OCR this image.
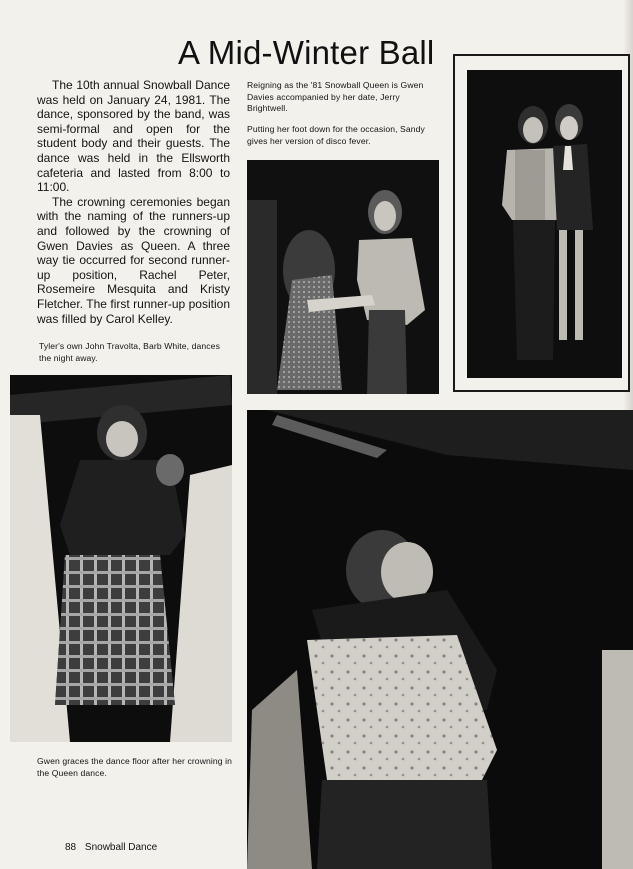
A Mid-Winter Ball

The 10th annual Snowball Dance was held on January 24, 1981. The dance, sponsored by the band, was semi-formal and open for the student body and their guests. The dance was held in the Ellsworth cafeteria and lasted from 8:00 to 11:00.

The crowning ceremonies began with the naming of the runners-up and followed by the crowning of Gwen Davies as Queen. A three way tie occurred for second runner-up position, Rachel Peter, Rosemeire Mesquita and Kristy Fletcher. The first runner-up position was filled by Carol Kelley.

Reigning as the '81 Snowball Queen is Gwen Davies accompanied by her date, Jerry Brightwell.

Putting her foot down for the occasion, Sandy gives her version of disco fever.

Tyler's own John Travolta, Barb White, dances the night away.

Gwen graces the dance floor after her crowning in the Queen dance.

88 Snowball Dance
